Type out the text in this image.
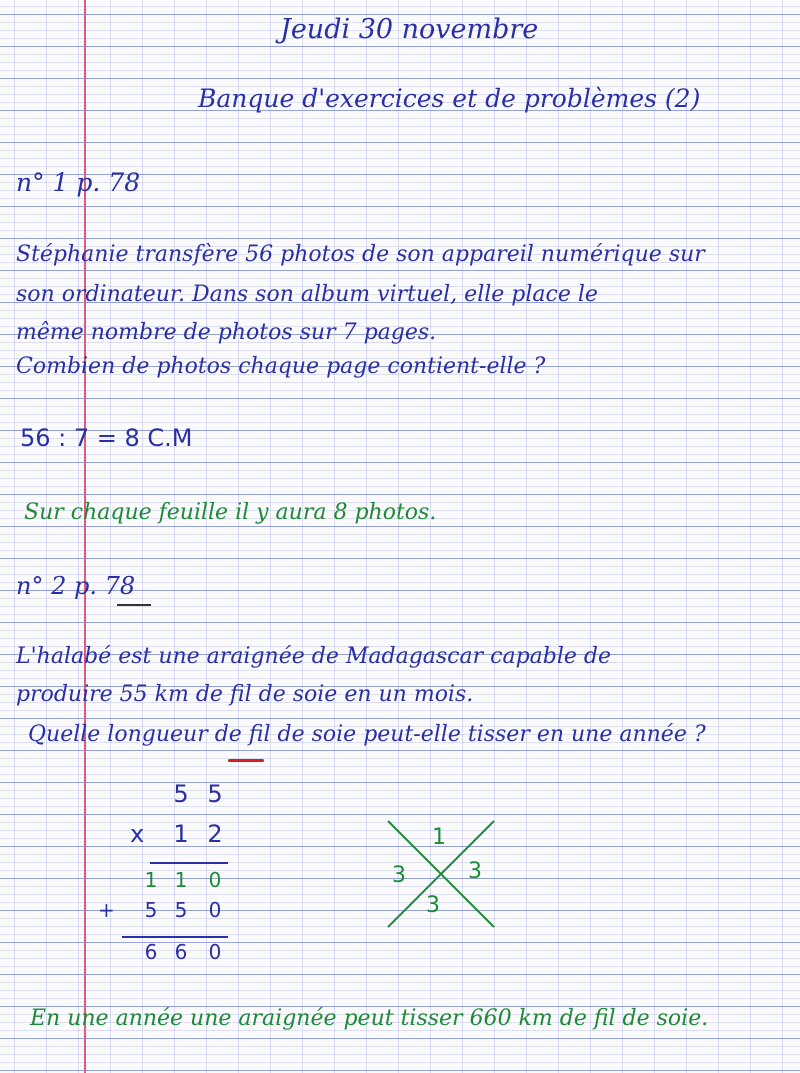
Jeudi 30 novembre
Banque d'exercices et de problèmes (2)
n° 1 p. 78
Stéphanie transfère 56 photos de son appareil numérique sur
son ordinateur. Dans son album virtuel, elle place le
même nombre de photos sur 7 pages.
Combien de photos chaque page contient-elle ?
56 : 7 = 8 C.M
Sur chaque feuille il y aura 8 photos.
n° 2 p. 78
L'halabé est une araignée de Madagascar capable de
produire 55 km de fil de soie en un mois.
Quelle longueur de fil de soie peut-elle tisser en une année ?
5 5
x 1 2
1 1	0
+	5 5	0
6 6	0
1
3	3
3
En une année une araignée peut tisser 660 km de fil de soie.
